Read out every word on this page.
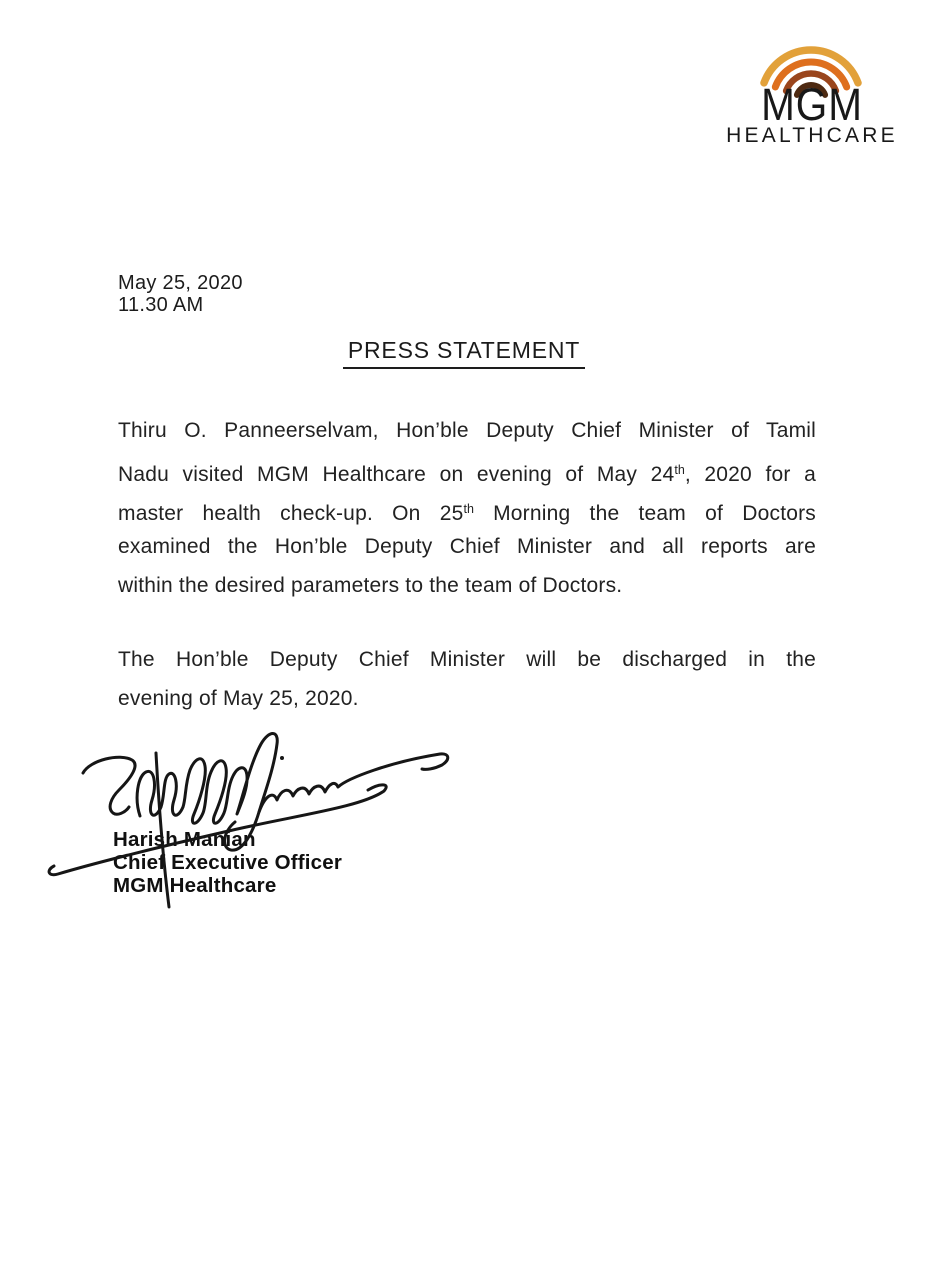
MGM
HEALTHCARE
May 25, 2020
11.30 AM
PRESS STATEMENT
Thiru O. Panneerselvam, Hon’ble Deputy Chief Minister of Tamil
Nadu visited MGM Healthcare on evening of May 24th, 2020 for a
master health check-up. On 25th Morning the team of Doctors
examined the Hon’ble Deputy Chief Minister and all reports are
within the desired parameters to the team of Doctors.
The Hon’ble Deputy Chief Minister will be discharged in the
evening of May 25, 2020.
Harish Manian
Chief Executive Officer
MGM Healthcare
